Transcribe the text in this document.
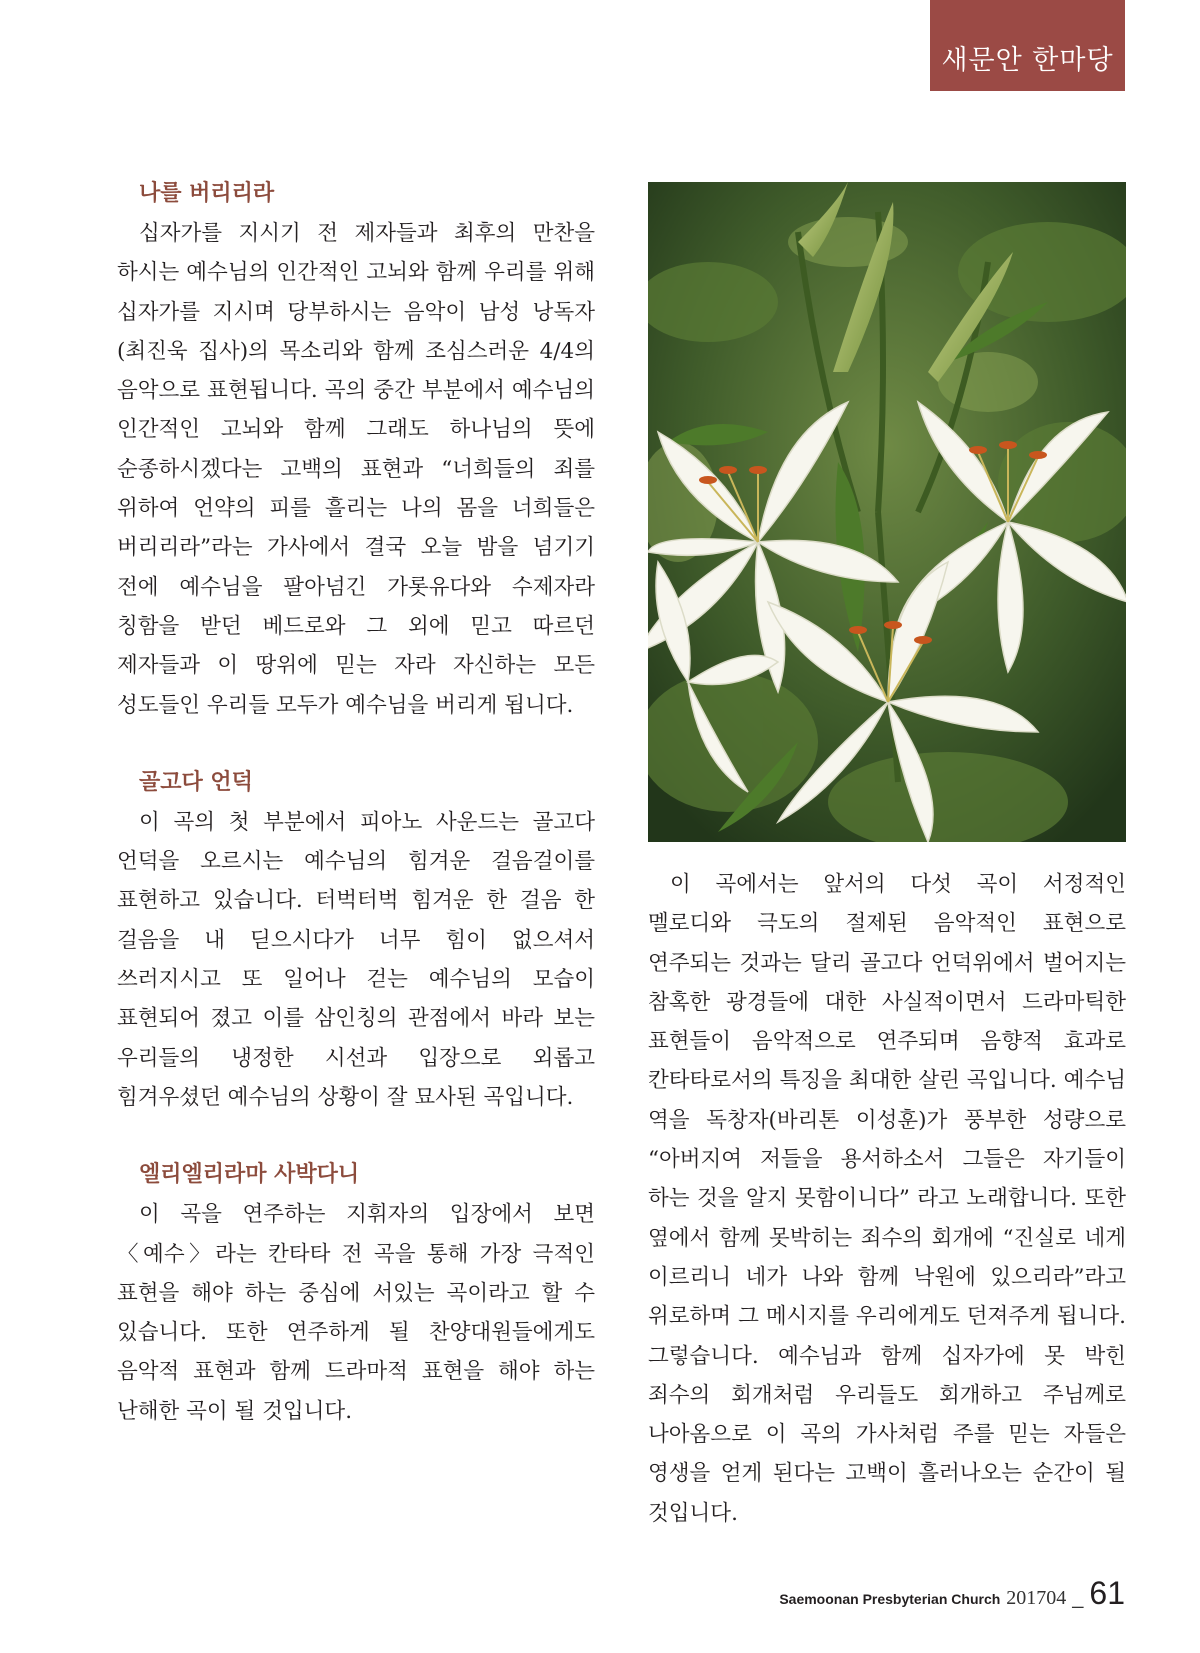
새문안 한마당
나를 버리리라

십자가를 지시기 전 제자들과 최후의 만찬을 하시는 예수님의 인간적인 고뇌와 함께 우리를 위해 십자가를 지시며 당부하시는 음악이 남성 낭독자(최진욱 집사)의 목소리와 함께 조심스러운 4/4의 음악으로 표현됩니다. 곡의 중간 부분에서 예수님의 인간적인 고뇌와 함께 그래도 하나님의 뜻에 순종하시겠다는 고백의 표현과 “너희들의 죄를 위하여 언약의 피를 흘리는 나의 몸을 너희들은 버리리라”라는 가사에서 결국 오늘 밤을 넘기기 전에 예수님을 팔아넘긴 가롯유다와 수제자라 칭함을 받던 베드로와 그 외에 믿고 따르던 제자들과 이 땅위에 믿는 자라 자신하는 모든 성도들인 우리들 모두가 예수님을 버리게 됩니다.

골고다 언덕

이 곡의 첫 부분에서 피아노 사운드는 골고다 언덕을 오르시는 예수님의 힘겨운 걸음걸이를 표현하고 있습니다. 터벅터벅 힘겨운 한 걸음 한 걸음을 내 딛으시다가 너무 힘이 없으셔서 쓰러지시고 또 일어나 걷는 예수님의 모습이 표현되어 졌고 이를 삼인칭의 관점에서 바라 보는 우리들의 냉정한 시선과 입장으로 외롭고 힘겨우셨던 예수님의 상황이 잘 묘사된 곡입니다.

엘리엘리라마 사박다니

이 곡을 연주하는 지휘자의 입장에서 보면 〈예수〉라는 칸타타 전 곡을 통해 가장 극적인 표현을 해야 하는 중심에 서있는 곡이라고 할 수 있습니다. 또한 연주하게 될 찬양대원들에게도 음악적 표현과 함께 드라마적 표현을 해야 하는 난해한 곡이 될 것입니다.

이 곡에서는 앞서의 다섯 곡이 서정적인 멜로디와 극도의 절제된 음악적인 표현으로 연주되는 것과는 달리 골고다 언덕위에서 벌어지는 참혹한 광경들에 대한 사실적이면서 드라마틱한 표현들이 음악적으로 연주되며 음향적 효과로 칸타타로서의 특징을 최대한 살린 곡입니다. 예수님 역을 독창자(바리톤 이성훈)가 풍부한 성량으로 “아버지여 저들을 용서하소서 그들은 자기들이 하는 것을 알지 못함이니다” 라고 노래합니다. 또한 옆에서 함께 못박히는 죄수의 회개에 “진실로 네게 이르리니 네가 나와 함께 낙원에 있으리라”라고 위로하며 그 메시지를 우리에게도 던져주게 됩니다. 그렇습니다. 예수님과 함께 십자가에 못 박힌 죄수의 회개처럼 우리들도 회개하고 주님께로 나아옴으로 이 곡의 가사처럼 주를 믿는 자들은 영생을 얻게 된다는 고백이 흘러나오는 순간이 될 것입니다.

Saemoonan Presbyterian Church 201704 _ 61
